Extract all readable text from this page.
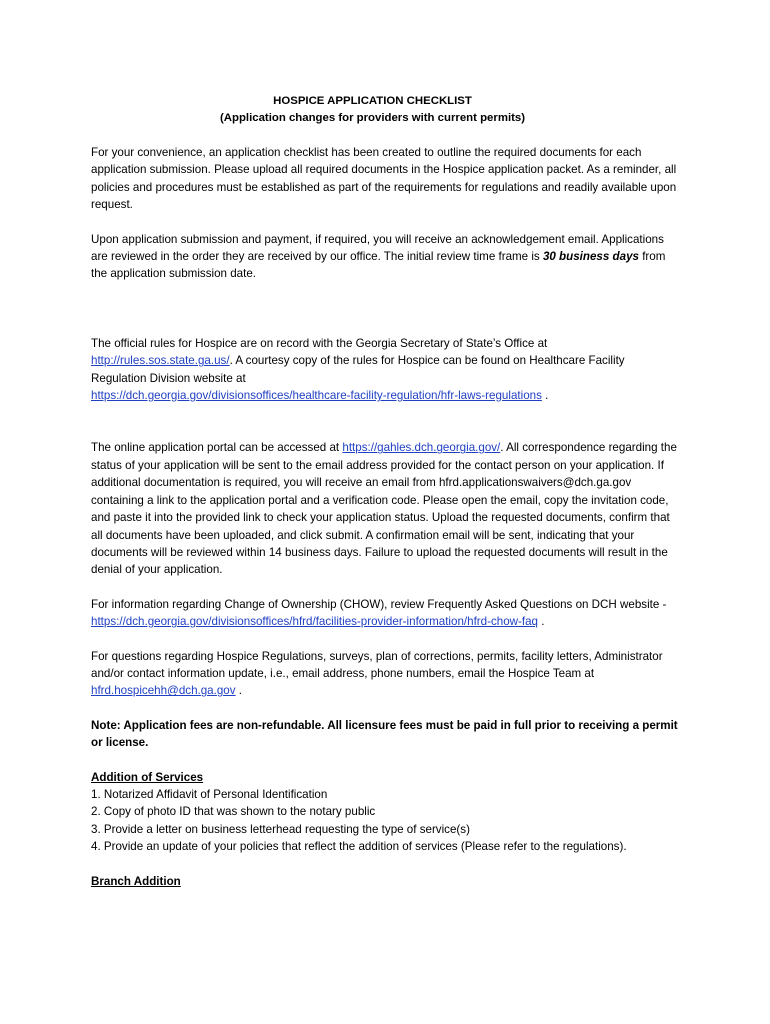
HOSPICE APPLICATION CHECKLIST
(Application changes for providers with current permits)

For your convenience, an application checklist has been created to outline the required documents for each application submission. Please upload all required documents in the Hospice application packet. As a reminder, all policies and procedures must be established as part of the requirements for regulations and readily available upon request.

Upon application submission and payment, if required, you will receive an acknowledgement email. Applications are reviewed in the order they are received by our office. The initial review time frame is 30 business days from the application submission date.

The official rules for Hospice are on record with the Georgia Secretary of State’s Office at
http://rules.sos.state.ga.us/. A courtesy copy of the rules for Hospice can be found on Healthcare Facility Regulation Division website at
https://dch.georgia.gov/divisionsoffices/healthcare-facility-regulation/hfr-laws-regulations .

The online application portal can be accessed at https://gahles.dch.georgia.gov/. All correspondence regarding the status of your application will be sent to the email address provided for the contact person on your application. If additional documentation is required, you will receive an email from hfrd.applicationswaivers@dch.ga.gov containing a link to the application portal and a verification code. Please open the email, copy the invitation code, and paste it into the provided link to check your application status. Upload the requested documents, confirm that all documents have been uploaded, and click submit. A confirmation email will be sent, indicating that your documents will be reviewed within 14 business days. Failure to upload the requested documents will result in the denial of your application.

For information regarding Change of Ownership (CHOW), review Frequently Asked Questions on DCH website - https://dch.georgia.gov/divisionsoffices/hfrd/facilities-provider-information/hfrd-chow-faq .

For questions regarding Hospice Regulations, surveys, plan of corrections, permits, facility letters, Administrator and/or contact information update, i.e., email address, phone numbers, email the Hospice Team at hfrd.hospicehh@dch.ga.gov .

Note: Application fees are non-refundable. All licensure fees must be paid in full prior to receiving a permit or license.

Addition of Services

1. Notarized Affidavit of Personal Identification
2. Copy of photo ID that was shown to the notary public
3. Provide a letter on business letterhead requesting the type of service(s)
4. Provide an update of your policies that reflect the addition of services (Please refer to the regulations).

Branch Addition
